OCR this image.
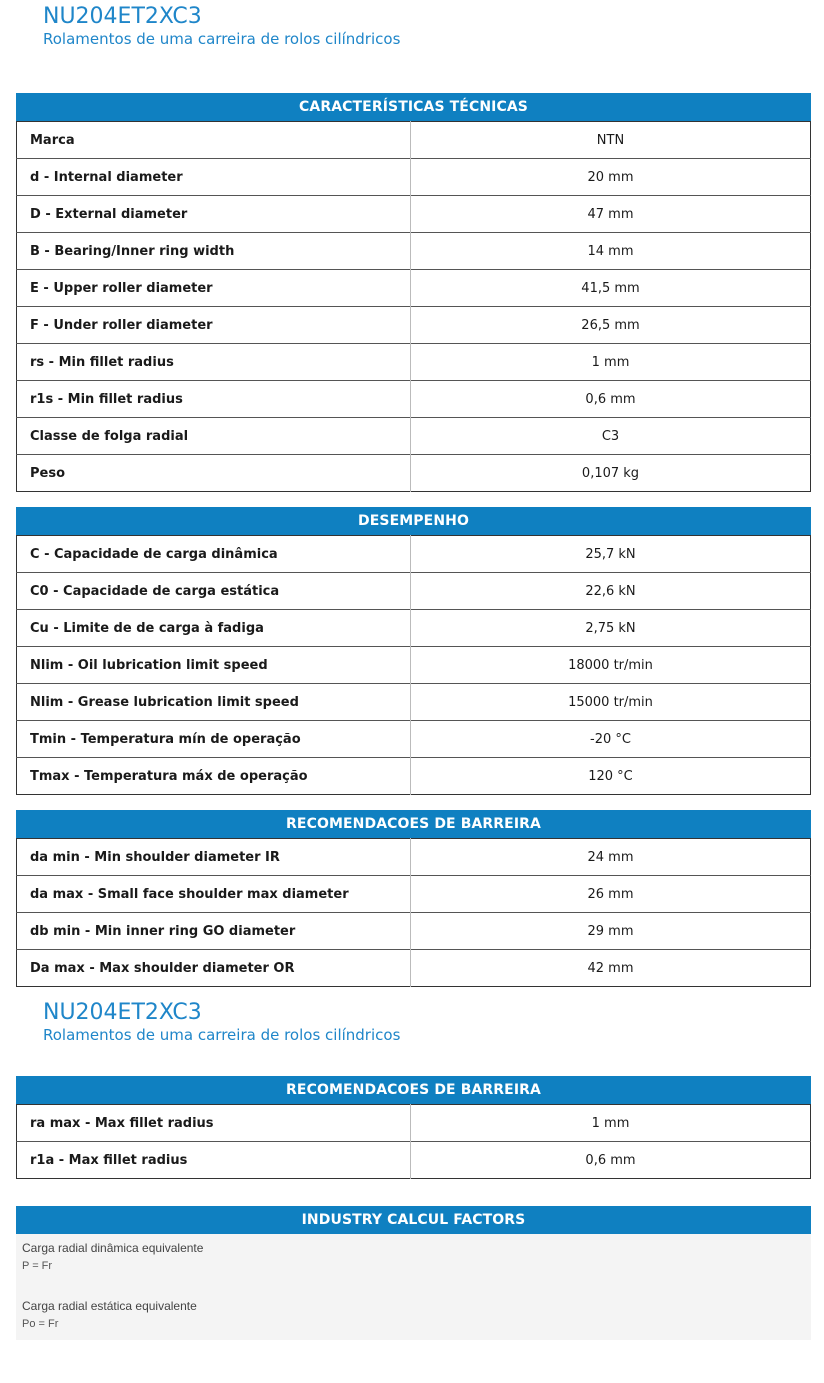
NU204ET2XC3

Rolamentos de uma carreira de rolos cilíndricos

CARACTERÍSTICAS TÉCNICAS
Marca	NTN
d - Internal diameter	20 mm
D - External diameter	47 mm
B - Bearing/Inner ring width	14 mm
E - Upper roller diameter	41,5 mm
F - Under roller diameter	26,5 mm
rs - Min fillet radius	1 mm
r1s - Min fillet radius	0,6 mm
Classe de folga radial	C3
Peso	0,107 kg
DESEMPENHO
C - Capacidade de carga dinâmica	25,7 kN
C0 - Capacidade de carga estática	22,6 kN
Cu - Limite de de carga à fadiga	2,75 kN
Nlim - Oil lubrication limit speed	18000 tr/min
Nlim - Grease lubrication limit speed	15000 tr/min
Tmin - Temperatura mín de operação	-20 °C
Tmax - Temperatura máx de operação	120 °C
RECOMENDACOES DE BARREIRA
da min - Min shoulder diameter IR	24 mm
da max - Small face shoulder max diameter	26 mm
db min - Min inner ring GO diameter	29 mm
Da max - Max shoulder diameter OR	42 mm
NU204ET2XC3

Rolamentos de uma carreira de rolos cilíndricos

RECOMENDACOES DE BARREIRA
ra max - Max fillet radius	1 mm
r1a - Max fillet radius	0,6 mm
INDUSTRY CALCUL FACTORS

Carga radial dinâmica equivalente

P = Fr

Carga radial estática equivalente

Po = Fr
